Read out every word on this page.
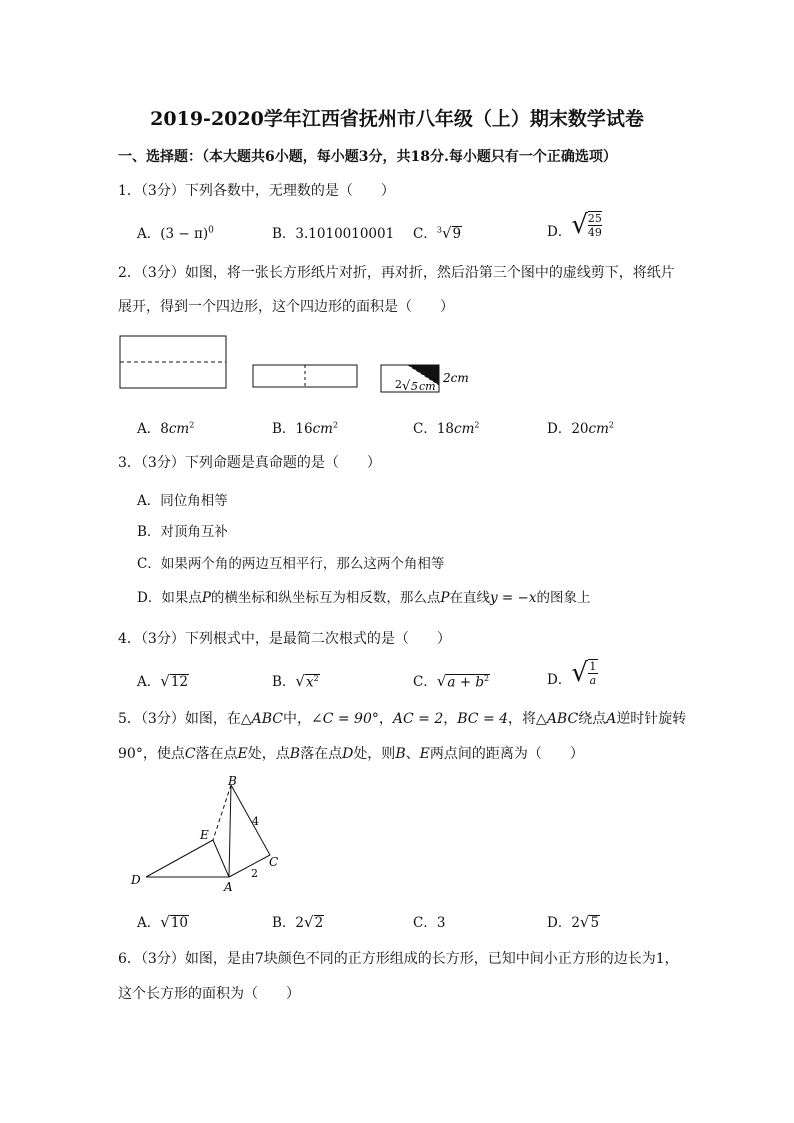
2019-2020学年江西省抚州市八年级（上）期末数学试卷
一、选择题：（本大题共6小题，每小题3分，共18分.每小题只有一个正确选项）
1．（3分）下列各数中，无理数的是（　　）
A．$(3 - \pi)^0$	B．3.1010010001 C．$^3$√9	D．√ $\frac{25}{49}$
2．（3分）如图，将一张长方形纸片对折，再对折，然后沿第三个图中的虚线剪下，将纸片
展开，得到一个四边形，这个四边形的面积是（　　）
2 √ 5 cm
2cm
A．$8cm^2$	B．$16cm^2$	C．$18cm^2$	D．$20cm^2$
3．（3分）下列命题是真命题的是（　　）
A．同位角相等
B．对顶角互补
C．如果两个角的两边互相平行，那么这两个角相等
D．如果点P的横坐标和纵坐标互为相反数，那么点P在直线y = −x的图象上
4．（3分）下列根式中，是最简二次根式的是（　　）
A．√12	B．$√x^2$	C．$√a + b^2$	D．√ $\frac{1}{a}$
5．（3分）如图，在△ABC中，∠C = 90°，AC = 2，BC = 4，将△ABC绕点A逆时针旋转
90°，使点C落在点E处，点B落在点D处，则B、E两点间的距离为（　　）
B
E
C
D	A
4
2
A．√10	B．2√2	C．3	D．2√5
6．（3分）如图，是由7块颜色不同的正方形组成的长方形，已知中间小正方形的边长为1，
这个长方形的面积为（　　）
